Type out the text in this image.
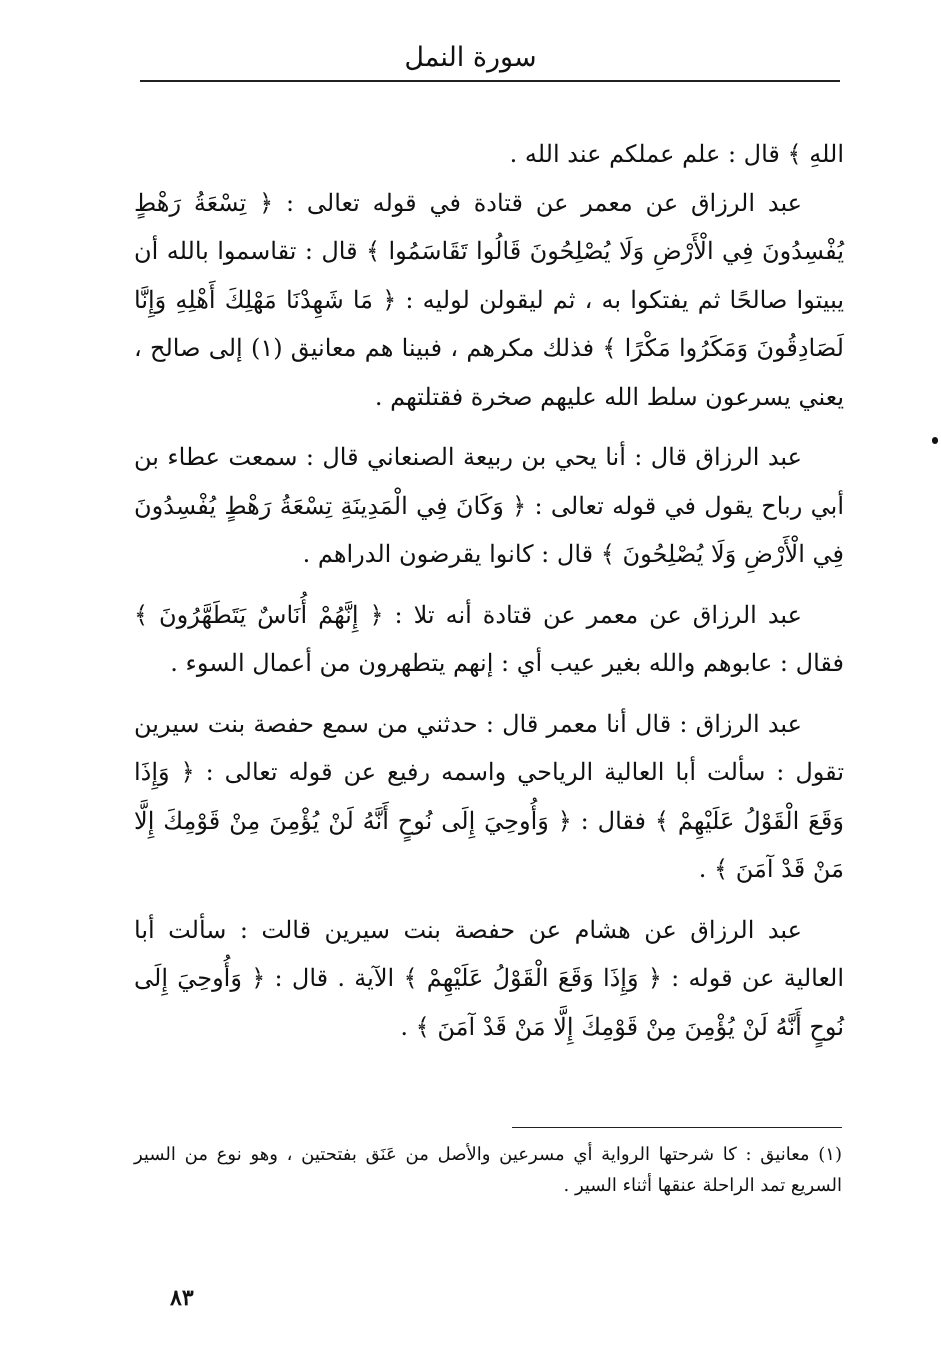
سورة النمل

اللهِ ﴾ قال : علم عملكم عند الله .

عبد الرزاق عن معمر عن قتادة في قوله تعالى : ﴿ تِسْعَةُ رَهْطٍ يُفْسِدُونَ فِي الْأَرْضِ وَلَا يُصْلِحُونَ قَالُوا تَقَاسَمُوا ﴾ قال : تقاسموا بالله أن يبيتوا صالحًا ثم يفتكوا به ، ثم ليقولن لوليه : ﴿ مَا شَهِدْنَا مَهْلِكَ أَهْلِهِ وَإِنَّا لَصَادِقُونَ وَمَكَرُوا مَكْرًا ﴾ فذلك مكرهم ، فبينا هم معانيق (١) إلى صالح ، يعني يسرعون سلط الله عليهم صخرة فقتلتهم .

عبد الرزاق قال : أنا يحي بن ربيعة الصنعاني قال : سمعت عطاء بن أبي رباح يقول في قوله تعالى : ﴿ وَكَانَ فِي الْمَدِينَةِ تِسْعَةُ رَهْطٍ يُفْسِدُونَ فِي الْأَرْضِ وَلَا يُصْلِحُونَ ﴾ قال : كانوا يقرضون الدراهم .

عبد الرزاق عن معمر عن قتادة أنه تلا : ﴿ إِنَّهُمْ أُنَاسٌ يَتَطَهَّرُونَ ﴾ فقال : عابوهم والله بغير عيب أي : إنهم يتطهرون من أعمال السوء .

عبد الرزاق : قال أنا معمر قال : حدثني من سمع حفصة بنت سيرين تقول : سألت أبا العالية الرياحي واسمه رفيع عن قوله تعالى : ﴿ وَإِذَا وَقَعَ الْقَوْلُ عَلَيْهِمْ ﴾ فقال : ﴿ وَأُوحِيَ إِلَى نُوحٍ أَنَّهُ لَنْ يُؤْمِنَ مِنْ قَوْمِكَ إِلَّا مَنْ قَدْ آمَنَ ﴾ .

عبد الرزاق عن هشام عن حفصة بنت سيرين قالت : سألت أبا العالية عن قوله : ﴿ وَإِذَا وَقَعَ الْقَوْلُ عَلَيْهِمْ ﴾ الآية . قال : ﴿ وَأُوحِيَ إِلَى نُوحٍ أَنَّهُ لَنْ يُؤْمِنَ مِنْ قَوْمِكَ إِلَّا مَنْ قَدْ آمَنَ ﴾ .

(١) معانيق : كا شرحتها الرواية أي مسرعين والأصل من عَنَق بفتحتين ، وهو نوع من السير السريع تمد الراحلة عنقها أثناء السير .

٨٣
